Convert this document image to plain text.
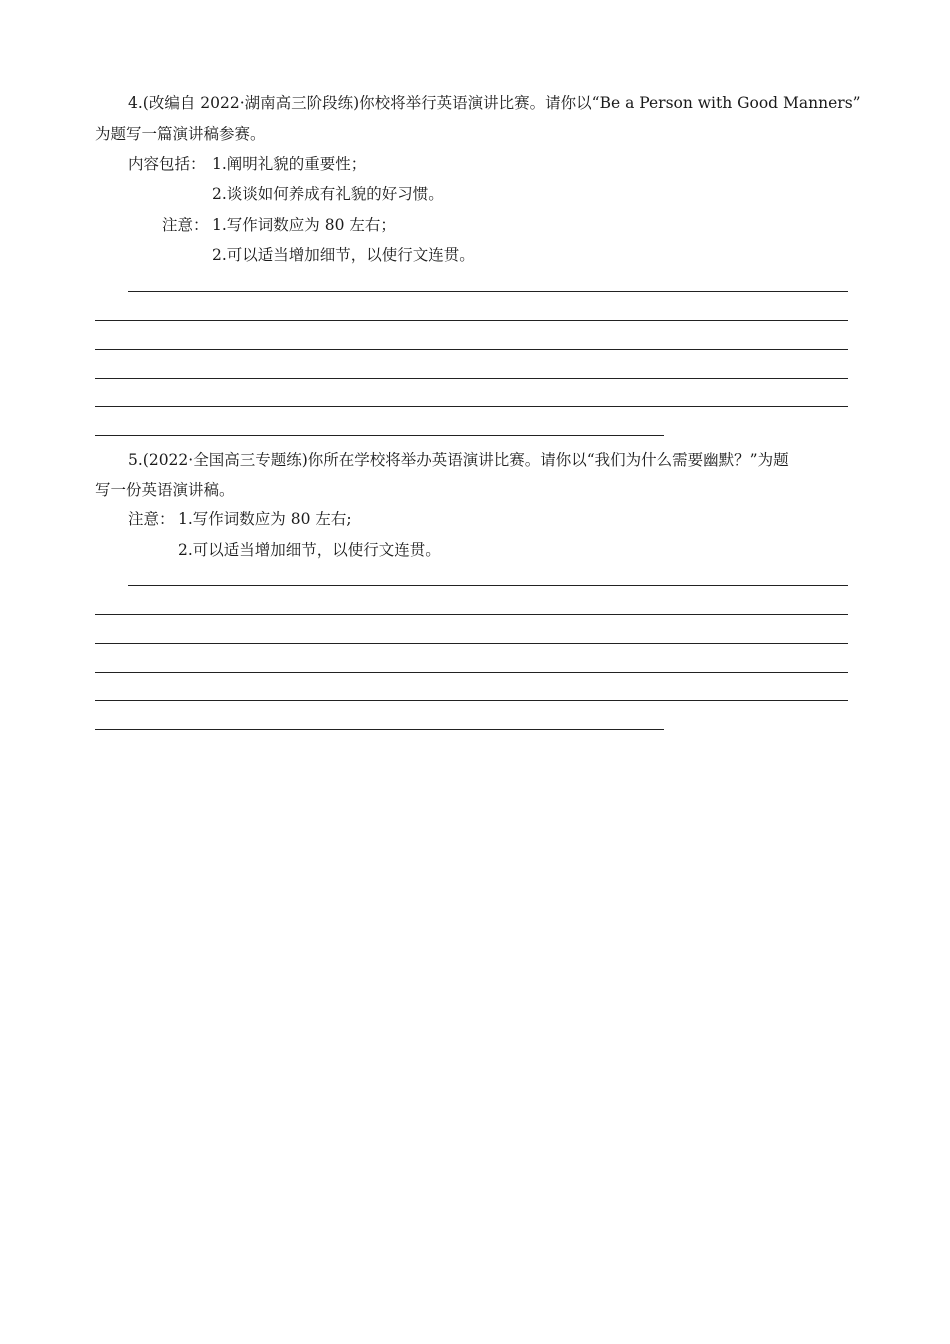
4.(改编自 2022·湖南高三阶段练)你校将举行英语演讲比赛。请你以“Be a Person with Good Manners”
为题写一篇演讲稿参赛。
内容包括： 1.阐明礼貌的重要性；
2.谈谈如何养成有礼貌的好习惯。
注意： 1.写作词数应为 80 左右；
2.可以适当增加细节，以使行文连贯。
5.(2022·全国高三专题练)你所在学校将举办英语演讲比赛。请你以“我们为什么需要幽默？”为题
写一份英语演讲稿。
注意： 1.写作词数应为 80 左右;
2.可以适当增加细节，以使行文连贯。
